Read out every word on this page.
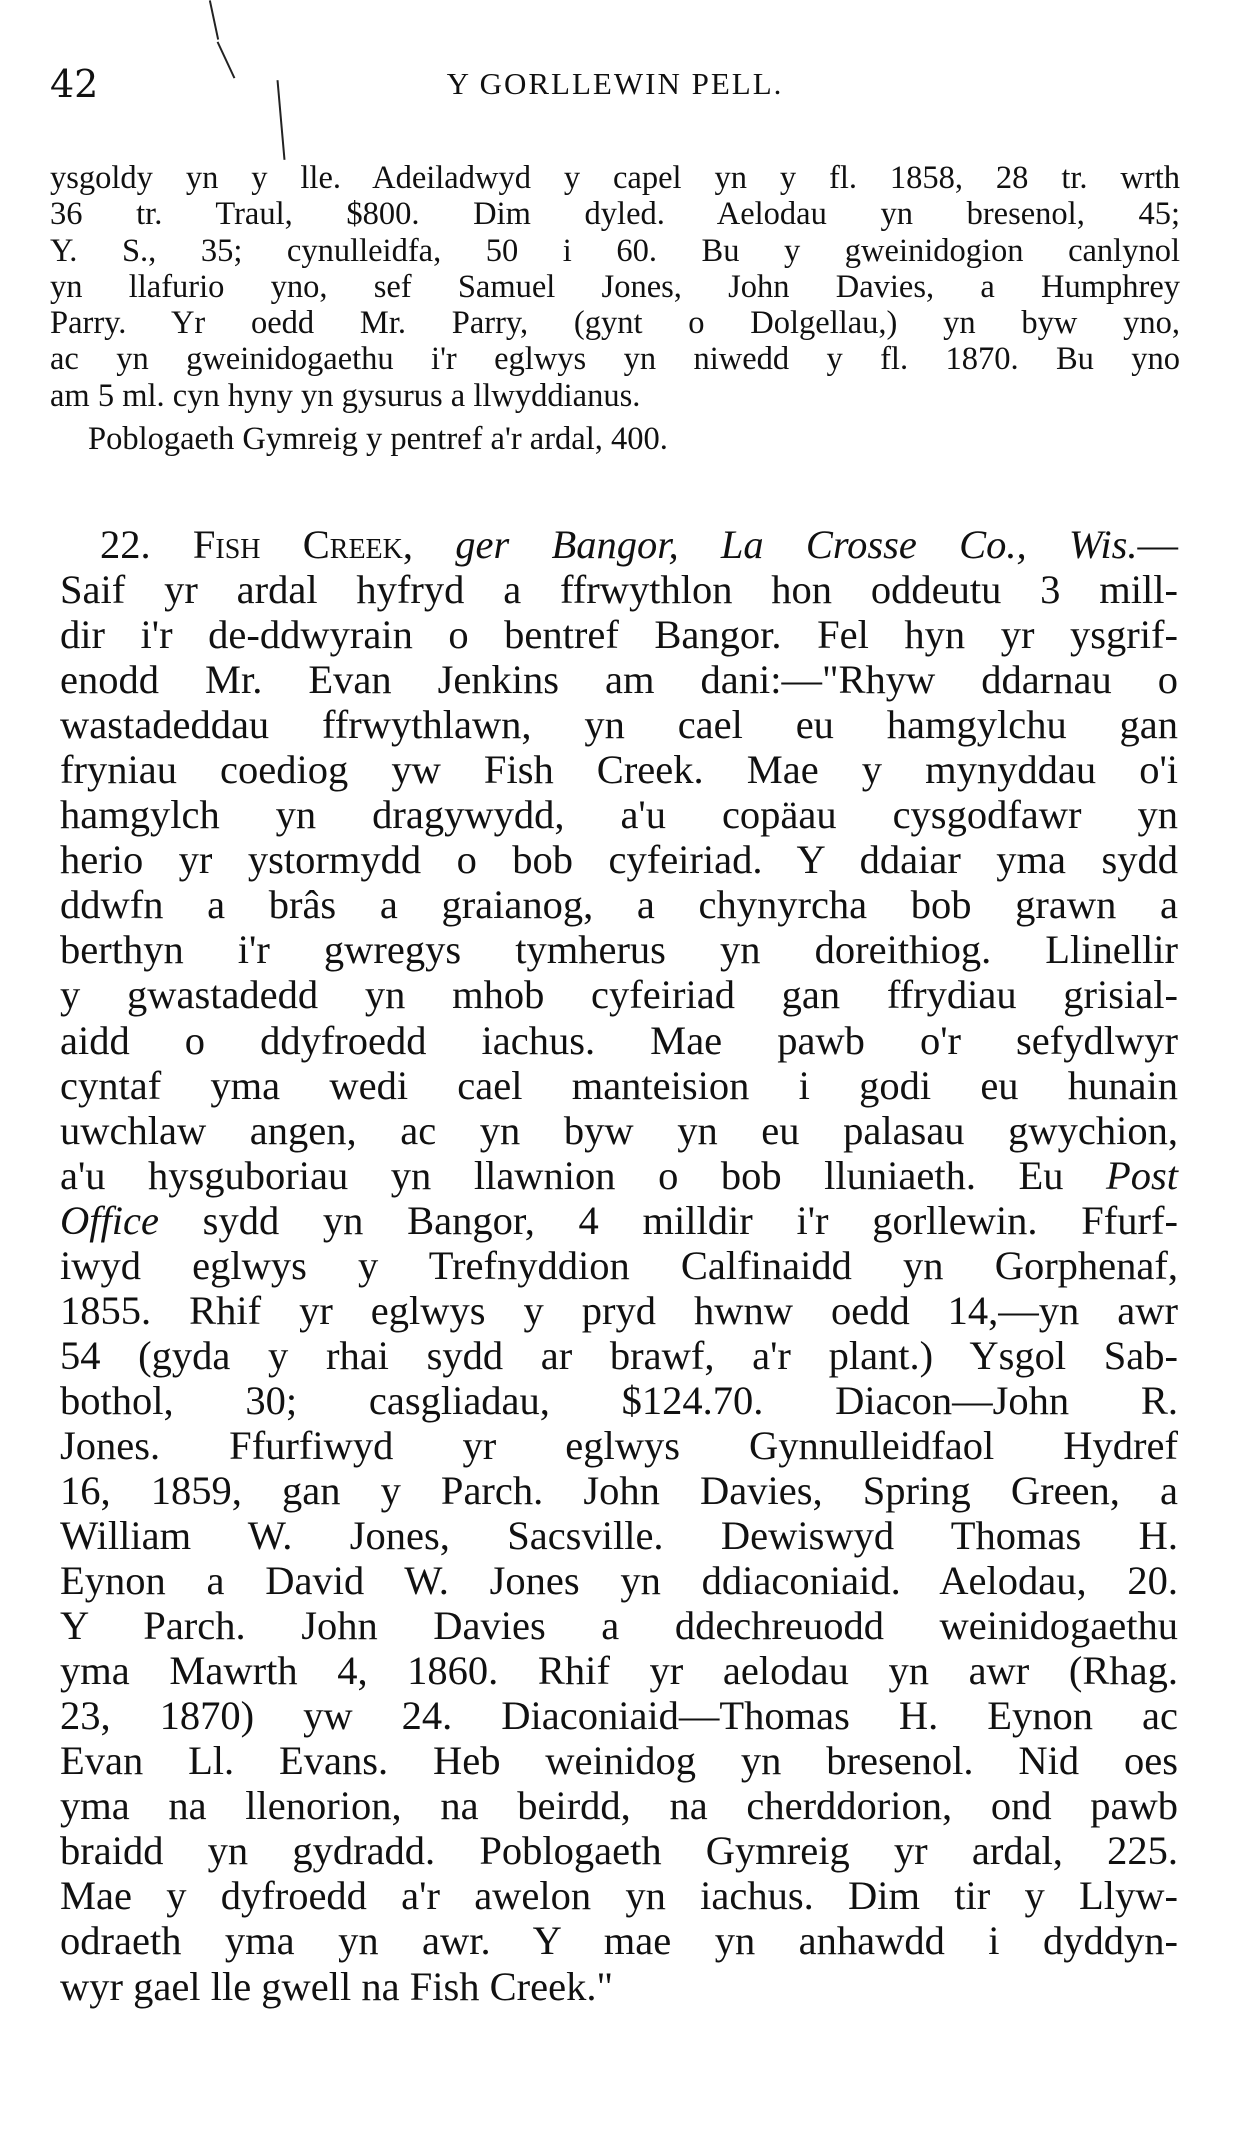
42	Y GORLLEWIN PELL.
ysgoldy yn y lle. Adeiladwyd y capel yn y fl. 1858, 28 tr. wrth
36 tr. Traul, $800. Dim dyled. Aelodau yn bresenol, 45;
Y. S., 35; cynulleidfa, 50 i 60. Bu y gweinidogion canlynol
yn llafurio yno, sef Samuel Jones, John Davies, a Humphrey
Parry. Yr oedd Mr. Parry, (gynt o Dolgellau,) yn byw yno,
ac yn gweinidogaethu i'r eglwys yn niwedd y fl. 1870. Bu yno
am 5 ml. cyn hyny yn gysurus a llwyddianus.
Poblogaeth Gymreig y pentref a'r ardal, 400.
22. Fish Creek, ger Bangor, La Crosse Co., Wis.—
Saif yr ardal hyfryd a ffrwythlon hon oddeutu 3 mill-
dir i'r de-ddwyrain o bentref Bangor. Fel hyn yr ysgrif-
enodd Mr. Evan Jenkins am dani:—"Rhyw ddarnau o
wastadeddau ffrwythlawn, yn cael eu hamgylchu gan
fryniau coediog yw Fish Creek. Mae y mynyddau o'i
hamgylch yn dragywydd, a'u copäau cysgodfawr yn
herio yr ystormydd o bob cyfeiriad. Y ddaiar yma sydd
ddwfn a brâs a graianog, a chynyrcha bob grawn a
berthyn i'r gwregys tymherus yn doreithiog. Llinellir
y gwastadedd yn mhob cyfeiriad gan ffrydiau grisial-
aidd o ddyfroedd iachus. Mae pawb o'r sefydlwyr
cyntaf yma wedi cael manteision i godi eu hunain
uwchlaw angen, ac yn byw yn eu palasau gwychion,
a'u hysguboriau yn llawnion o bob lluniaeth. Eu Post
Office sydd yn Bangor, 4 milldir i'r gorllewin. Ffurf-
iwyd eglwys y Trefnyddion Calfinaidd yn Gorphenaf,
1855. Rhif yr eglwys y pryd hwnw oedd 14,—yn awr
54 (gyda y rhai sydd ar brawf, a'r plant.) Ysgol Sab-
bothol, 30; casgliadau, $124.70. Diacon—John R.
Jones. Ffurfiwyd yr eglwys Gynnulleidfaol Hydref
16, 1859, gan y Parch. John Davies, Spring Green, a
William W. Jones, Sacsville. Dewiswyd Thomas H.
Eynon a David W. Jones yn ddiaconiaid. Aelodau, 20.
Y Parch. John Davies a ddechreuodd weinidogaethu
yma Mawrth 4, 1860. Rhif yr aelodau yn awr (Rhag.
23, 1870) yw 24. Diaconiaid—Thomas H. Eynon ac
Evan Ll. Evans. Heb weinidog yn bresenol. Nid oes
yma na llenorion, na beirdd, na cherddorion, ond pawb
braidd yn gydradd. Poblogaeth Gymreig yr ardal, 225.
Mae y dyfroedd a'r awelon yn iachus. Dim tir y Llyw-
odraeth yma yn awr. Y mae yn anhawdd i dyddyn-
wyr gael lle gwell na Fish Creek."
